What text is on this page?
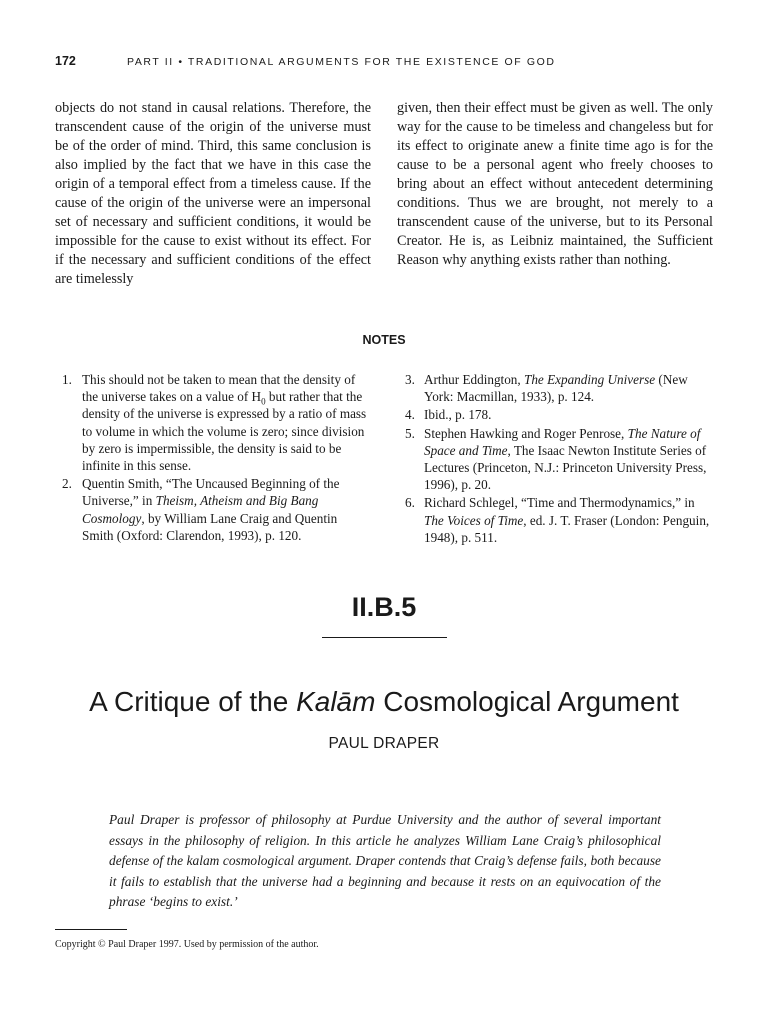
172	PART II • TRADITIONAL ARGUMENTS FOR THE EXISTENCE OF GOD
objects do not stand in causal relations. Therefore, the transcendent cause of the origin of the universe must be of the order of mind. Third, this same conclusion is also implied by the fact that we have in this case the origin of a temporal effect from a timeless cause. If the cause of the origin of the universe were an impersonal set of necessary and sufficient conditions, it would be impossible for the cause to exist without its effect. For if the necessary and sufficient conditions of the effect are timelessly
given, then their effect must be given as well. The only way for the cause to be timeless and changeless but for its effect to originate anew a finite time ago is for the cause to be a personal agent who freely chooses to bring about an effect without antecedent determining conditions. Thus we are brought, not merely to a transcendent cause of the universe, but to its Personal Creator. He is, as Leibniz maintained, the Sufficient Reason why anything exists rather than nothing.
NOTES
1. This should not be taken to mean that the density of the universe takes on a value of $H_0$ but rather that the density of the universe is expressed by a ratio of mass to volume in which the volume is zero; since division by zero is impermissible, the density is said to be infinite in this sense.
2. Quentin Smith, “The Uncaused Beginning of the Universe,” in Theism, Atheism and Big Bang Cosmology, by William Lane Craig and Quentin Smith (Oxford: Clarendon, 1993), p. 120.
3. Arthur Eddington, The Expanding Universe (New York: Macmillan, 1933), p. 124.
4. Ibid., p. 178.
5. Stephen Hawking and Roger Penrose, The Nature of Space and Time, The Isaac Newton Institute Series of Lectures (Princeton, N.J.: Princeton University Press, 1996), p. 20.
6. Richard Schlegel, “Time and Thermodynamics,” in The Voices of Time, ed. J. T. Fraser (London: Penguin, 1948), p. 511.
II.B.5
A Critique of the Kalām Cosmological Argument
PAUL DRAPER
Paul Draper is professor of philosophy at Purdue University and the author of several important essays in the philosophy of religion. In this article he analyzes William Lane Craig’s philosophical defense of the kalam cosmological argument. Draper contends that Craig’s defense fails, both because it fails to establish that the universe had a beginning and because it rests on an equivocation of the phrase ‘begins to exist.’
Copyright © Paul Draper 1997. Used by permission of the author.
